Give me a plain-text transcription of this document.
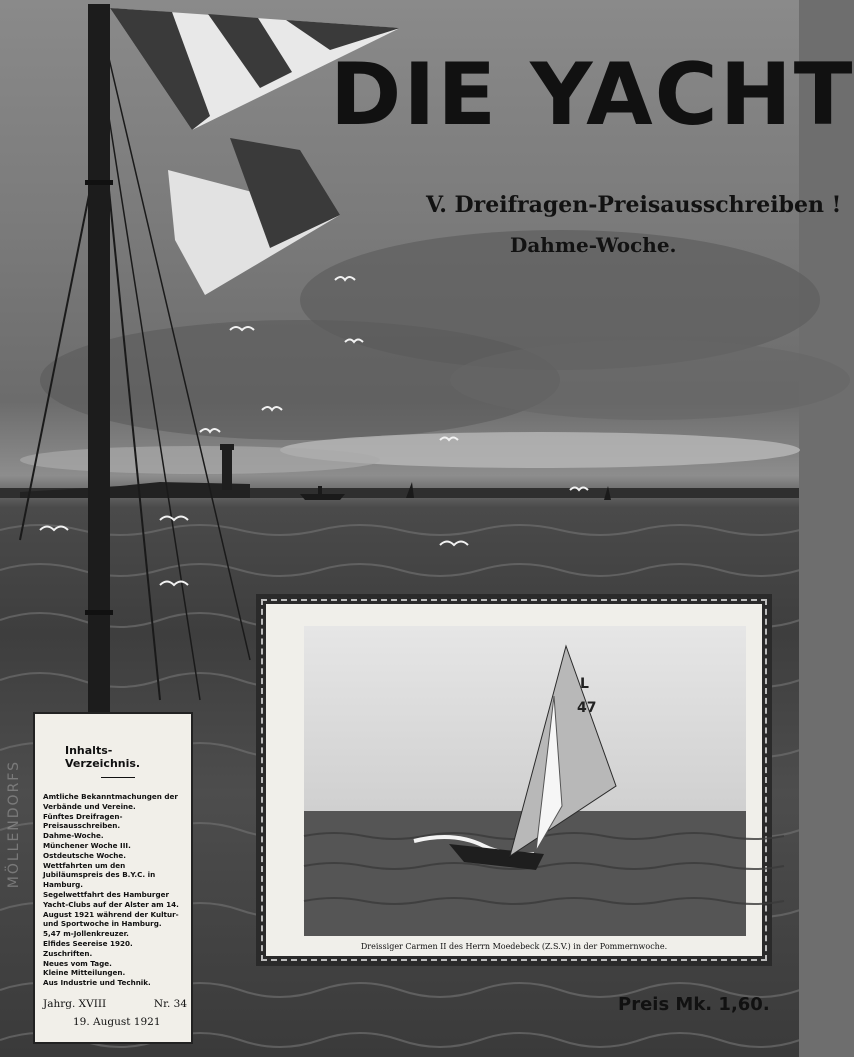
DIE YACHT
V. Dreifragen-Preisausschreiben !
Dahme-Woche.
MÖLLENDORFS
Inhalts-Verzeichnis.
Amtliche Bekanntmachungen der Verbände und Vereine.
Fünftes Dreifragen-Preisausschreiben.
Dahme-Woche.
Münchener Woche III.
Ostdeutsche Woche.
Wettfahrten um den Jubiläumspreis des B.Y.C. in Hamburg.
Segelwettfahrt des Hamburger Yacht-Clubs auf der Alster am 14. August 1921 während der Kultur- und Sportwoche in Hamburg.
5,47 m-Jollenkreuzer.
Elfides Seereise 1920.
Zuschriften.
Neues vom Tage.
Kleine Mitteilungen.
Aus Industrie und Technik.
Jahrg. XVIII	Nr. 34
19. August 1921
L
47
Dreissiger Carmen II des Herrn Moedebeck (Z.S.V.) in der Pommernwoche.
Preis Mk. 1,60.
